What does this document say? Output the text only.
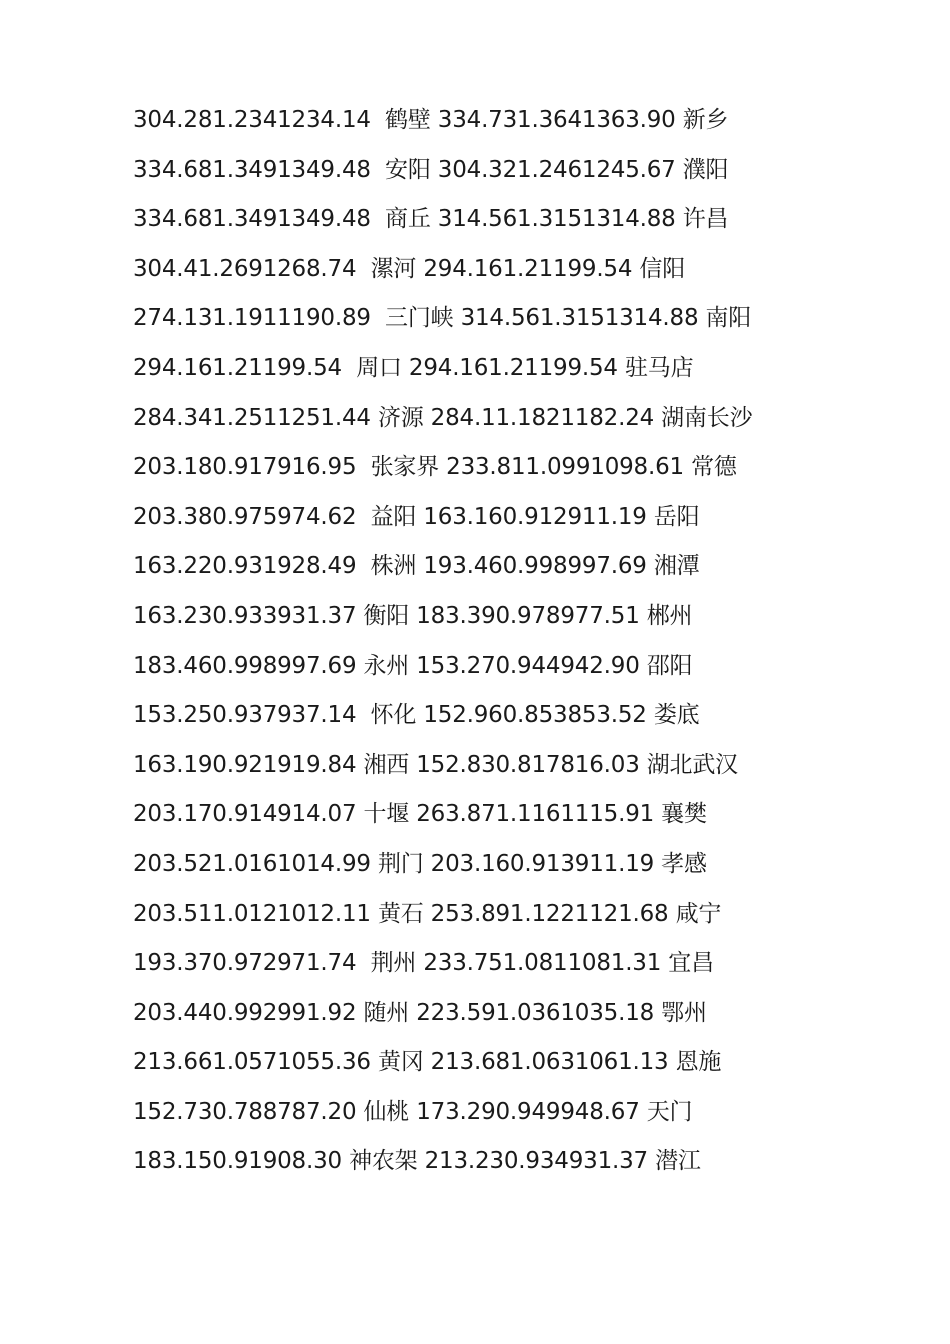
304.281.2341234.14  鹤壁 334.731.3641363.90 新乡
334.681.3491349.48  安阳 304.321.2461245.67 濮阳
334.681.3491349.48  商丘 314.561.3151314.88 许昌
304.41.2691268.74  漯河 294.161.21199.54 信阳
274.131.1911190.89  三门峡 314.561.3151314.88 南阳
294.161.21199.54  周口 294.161.21199.54 驻马店
284.341.2511251.44 济源 284.11.1821182.24 湖南长沙
203.180.917916.95  张家界 233.811.0991098.61 常德
203.380.975974.62  益阳 163.160.912911.19 岳阳
163.220.931928.49  株洲 193.460.998997.69 湘潭
163.230.933931.37 衡阳 183.390.978977.51 郴州
183.460.998997.69 永州 153.270.944942.90 邵阳
153.250.937937.14  怀化 152.960.853853.52 娄底
163.190.921919.84 湘西 152.830.817816.03 湖北武汉
203.170.914914.07 十堰 263.871.1161115.91 襄樊
203.521.0161014.99 荆门 203.160.913911.19 孝感
203.511.0121012.11 黄石 253.891.1221121.68 咸宁
193.370.972971.74  荆州 233.751.0811081.31 宜昌
203.440.992991.92 随州 223.591.0361035.18 鄂州
213.661.0571055.36 黄冈 213.681.0631061.13 恩施
152.730.788787.20 仙桃 173.290.949948.67 天门
183.150.91908.30 神农架 213.230.934931.37 潜江
